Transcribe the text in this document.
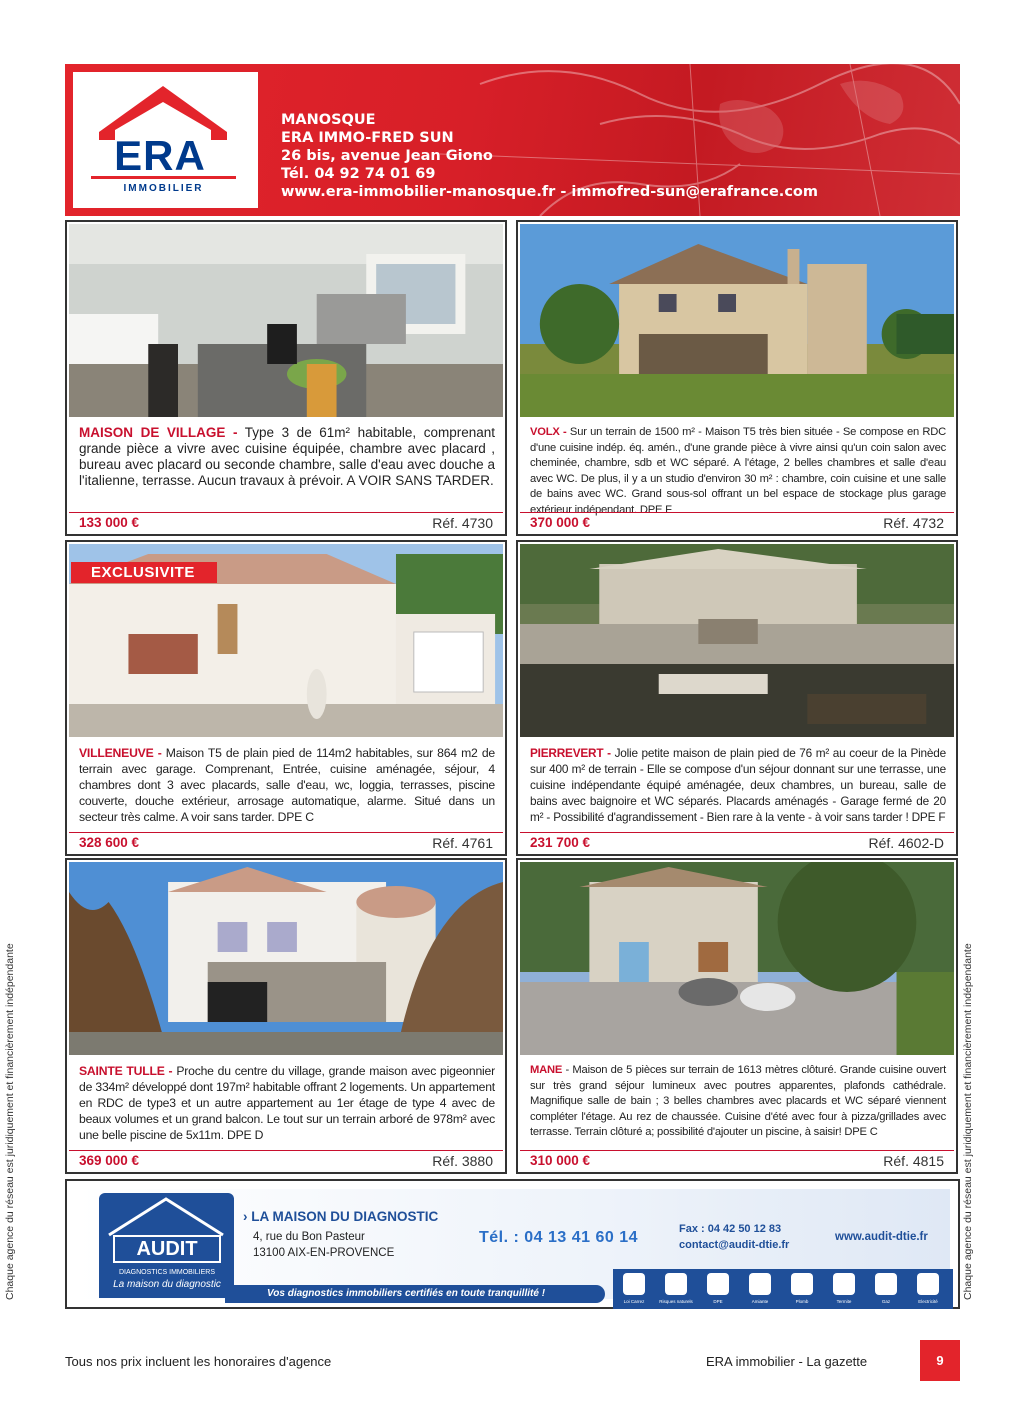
ERA
IMMOBILIER
MANOSQUE
ERA IMMO-FRED SUN
26 bis, avenue Jean Giono
Tél. 04 92 74 01 69
www.era-immobilier-manosque.fr - immofred-sun@erafrance.com
MAISON DE VILLAGE - Type 3 de 61m² habitable, comprenant grande pièce a vivre avec cuisine équipée, chambre avec placard , bureau avec placard ou seconde chambre, salle d'eau avec douche a l'italienne, terrasse. Aucun travaux à prévoir. A VOIR SANS TARDER.
133 000 €	Réf. 4730
VOLX - Sur un terrain de 1500 m² - Maison T5 très bien située - Se compose en RDC d'une cuisine indép. éq. amén., d'une grande pièce à vivre ainsi qu'un coin salon avec cheminée, chambre, sdb et WC séparé. A l'étage, 2 belles chambres et salle d'eau avec WC. De plus, il y a un studio d'environ 30 m² : chambre, coin cuisine et une salle de bains avec WC. Grand sous-sol offrant un bel espace de stockage plus garage extérieur indépendant. DPE F
370 000 €	Réf. 4732
EXCLUSIVITE
VILLENEUVE - Maison T5 de plain pied de 114m2 habitables, sur 864 m2 de terrain avec garage. Comprenant, Entrée, cuisine aménagée, séjour, 4 chambres dont 3 avec placards, salle d'eau, wc, loggia, terrasses, piscine couverte, douche extérieur, arrosage automatique, alarme. Situé dans un secteur très calme. A voir sans tarder. DPE C
328 600 €	Réf. 4761
PIERREVERT - Jolie petite maison de plain pied de 76 m² au coeur de la Pinède sur 400 m² de terrain - Elle se compose d'un séjour donnant sur une terrasse, une cuisine indépendante équipé aménagée, deux chambres, un bureau, salle de bains avec baignoire et WC séparés. Placards aménagés - Garage fermé de 20 m² - Possibilité d'agrandissement - Bien rare à la vente - à voir sans tarder ! DPE F
231 700 €	Réf. 4602-D
SAINTE TULLE - Proche du centre du village, grande maison avec pigeonnier de 334m² développé dont 197m² habitable offrant 2 logements. Un appartement en RDC de type3 et un autre appartement au 1er étage de type 4 avec de beaux volumes et un grand balcon. Le tout sur un terrain arboré de 978m² avec une belle piscine de 5x11m. DPE D
369 000 €	Réf. 3880
MANE - Maison de 5 pièces sur terrain de 1613 mètres clôturé. Grande cuisine ouvert sur très grand séjour lumineux avec poutres apparentes, plafonds cathédrale. Magnifique salle de bain ; 3 belles chambres avec placards et WC séparé viennent compléter l'étage. Au rez de chaussée. Cuisine d'été avec four à pizza/grillades avec terrasse. Terrain clôturé a; possibilité d'ajouter un piscine, à saisir! DPE C
310 000 €	Réf. 4815
AUDIT
DIAGNOSTICS IMMOBILIERS
La maison du diagnostic
› LA MAISON DU DIAGNOSTIC
4, rue du Bon Pasteur
13100 AIX-EN-PROVENCE
Tél. : 04 13 41 60 14	Fax : 04 42 50 12 83
contact@audit-dtie.fr
www.audit-dtie.fr
Vos diagnostics immobiliers certifiés en toute tranquillité !
Loi Carrez	Risques naturels	DPE	Amiante	Plomb	Termite	Gaz	Electricité
Chaque agence du réseau est juridiquement et financièrement indépendante	Chaque agence du réseau est juridiquement et financièrement indépendante
Tous nos prix incluent les honoraires d'agence	ERA immobilier - La gazette	9
